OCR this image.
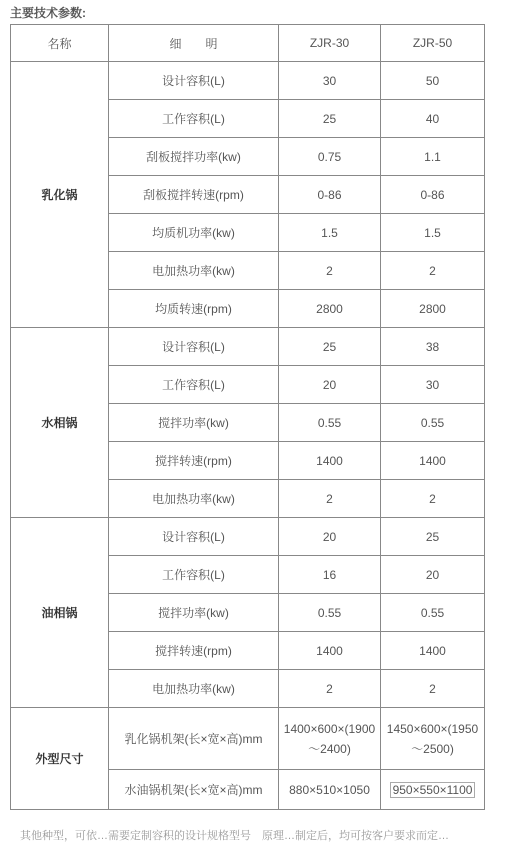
主要技术参数:
名称	细　　明	ZJR-30	ZJR-50
乳化锅	设计容积(L)	30	50
	工作容积(L)	25	40
	刮板搅拌功率(kw)	0.75	1.1
	刮板搅拌转速(rpm)	0-86	0-86
	均质机功率(kw)	1.5	1.5
	电加热功率(kw)	2	2
	均质转速(rpm)	2800	2800
水相锅	设计容积(L)	25	38
	工作容积(L)	20	30
	搅拌功率(kw)	0.55	0.55
	搅拌转速(rpm)	1400	1400
	电加热功率(kw)	2	2
油相锅	设计容积(L)	20	25
	工作容积(L)	16	20
	搅拌功率(kw)	0.55	0.55
	搅拌转速(rpm)	1400	1400
	电加热功率(kw)	2	2
外型尺寸	乳化锅机架(长×宽×高)mm	1400×600×(1900～2400)	1450×600×(1950～2500)
	水油锅机架(长×宽×高)mm	880×510×1050	950×550×1100
其他种型，可依…需要定制容积的设计规格型号　原理…制定后，均可按客户要求而定…
